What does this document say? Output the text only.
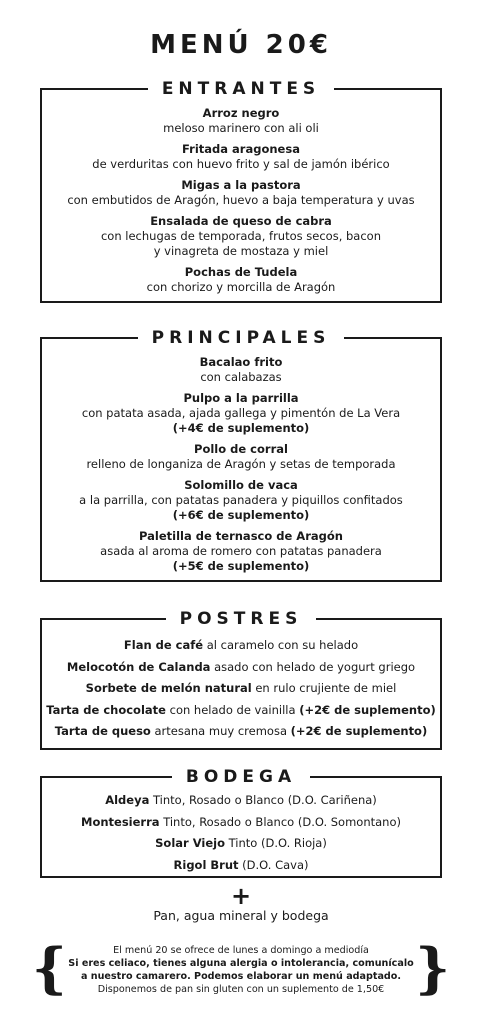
MENÚ 20€
ENTRANTES
Arroz negro
meloso marinero con ali oli
Fritada aragonesa
de verduritas con huevo frito y sal de jamón ibérico
Migas a la pastora
con embutidos de Aragón, huevo a baja temperatura y uvas
Ensalada de queso de cabra
con lechugas de temporada, frutos secos, bacon
y vinagreta de mostaza y miel
Pochas de Tudela
con chorizo y morcilla de Aragón
PRINCIPALES
Bacalao frito
con calabazas
Pulpo a la parrilla
con patata asada, ajada gallega y pimentón de La Vera
(+4€ de suplemento)
Pollo de corral
relleno de longaniza de Aragón y setas de temporada
Solomillo de vaca
a la parrilla, con patatas panadera y piquillos confitados
(+6€ de suplemento)
Paletilla de ternasco de Aragón
asada al aroma de romero con patatas panadera
(+5€ de suplemento)
POSTRES
Flan de café al caramelo con su helado
Melocotón de Calanda asado con helado de yogurt griego
Sorbete de melón natural en rulo crujiente de miel
Tarta de chocolate con helado de vainilla (+2€ de suplemento)
Tarta de queso artesana muy cremosa (+2€ de suplemento)
BODEGA
Aldeya Tinto, Rosado o Blanco (D.O. Cariñena)
Montesierra Tinto, Rosado o Blanco (D.O. Somontano)
Solar Viejo Tinto (D.O. Rioja)
Rigol Brut (D.O. Cava)
+
Pan, agua mineral y bodega
{	El menú 20 se ofrece de lunes a domingo a mediodía
Si eres celiaco, tienes alguna alergia o intolerancia, comunícalo
a nuestro camarero. Podemos elaborar un menú adaptado.
Disponemos de pan sin gluten con un suplemento de 1,50€ }
